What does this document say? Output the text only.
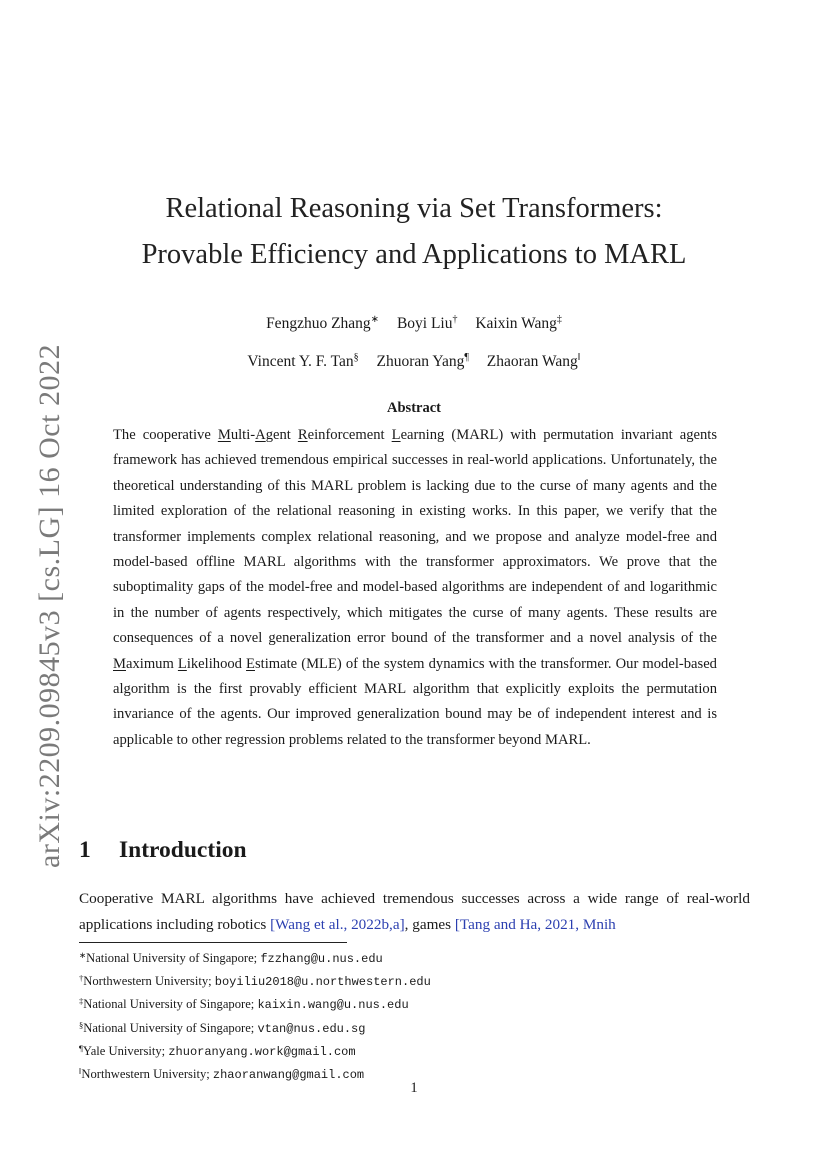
arXiv:2209.09845v3 [cs.LG] 16 Oct 2022
Relational Reasoning via Set Transformers:
Provable Efficiency and Applications to MARL
Fengzhuo Zhang∗ Boyi Liu† Kaixin Wang‡
Vincent Y. F. Tan§ Zhuoran Yang¶ Zhaoran Wang‖
Abstract
The cooperative Multi-Agent Reinforcement Learning (MARL) with permutation invariant agents framework has achieved tremendous empirical successes in real-world applications. Unfortunately, the theoretical understanding of this MARL problem is lacking due to the curse of many agents and the limited exploration of the relational reasoning in existing works. In this paper, we verify that the transformer implements complex relational reasoning, and we propose and analyze model-free and model-based offline MARL algorithms with the transformer approximators. We prove that the suboptimality gaps of the model-free and model-based algorithms are independent of and logarithmic in the number of agents respectively, which mitigates the curse of many agents. These results are consequences of a novel generalization error bound of the transformer and a novel analysis of the Maximum Likelihood Estimate (MLE) of the system dynamics with the transformer. Our model-based algorithm is the first provably efficient MARL algorithm that explicitly exploits the permutation invariance of the agents. Our improved generalization bound may be of independent interest and is applicable to other regression problems related to the transformer beyond MARL.
1 Introduction
Cooperative MARL algorithms have achieved tremendous successes across a wide range of real-world applications including robotics [Wang et al., 2022b,a], games [Tang and Ha, 2021, Mnih
∗National University of Singapore; fzzhang@u.nus.edu
†Northwestern University; boyiliu2018@u.northwestern.edu
‡National University of Singapore; kaixin.wang@u.nus.edu
§National University of Singapore; vtan@nus.edu.sg
¶Yale University; zhuoranyang.work@gmail.com
‖Northwestern University; zhaoranwang@gmail.com
1
